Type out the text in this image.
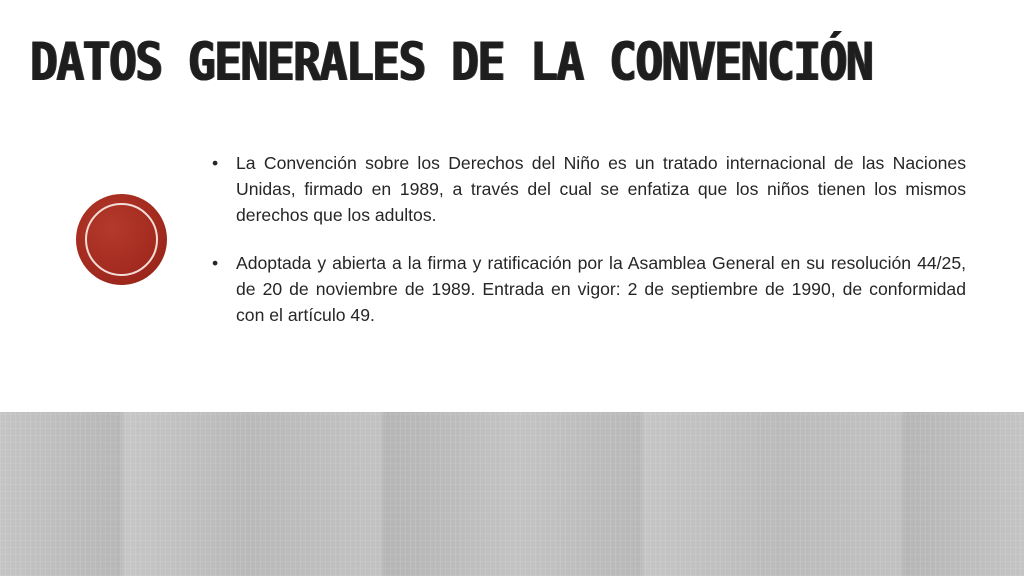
DATOS GENERALES DE LA CONVENCIÓN
• La Convención sobre los Derechos del Niño es un tratado internacional de las Naciones Unidas, firmado en 1989, a través del cual se enfatiza que los niños tienen los mismos derechos que los adultos.
• Adoptada y abierta a la firma y ratificación por la Asamblea General en su resolución 44/25, de 20 de noviembre de 1989. Entrada en vigor: 2 de septiembre de 1990, de conformidad con el artículo 49.
